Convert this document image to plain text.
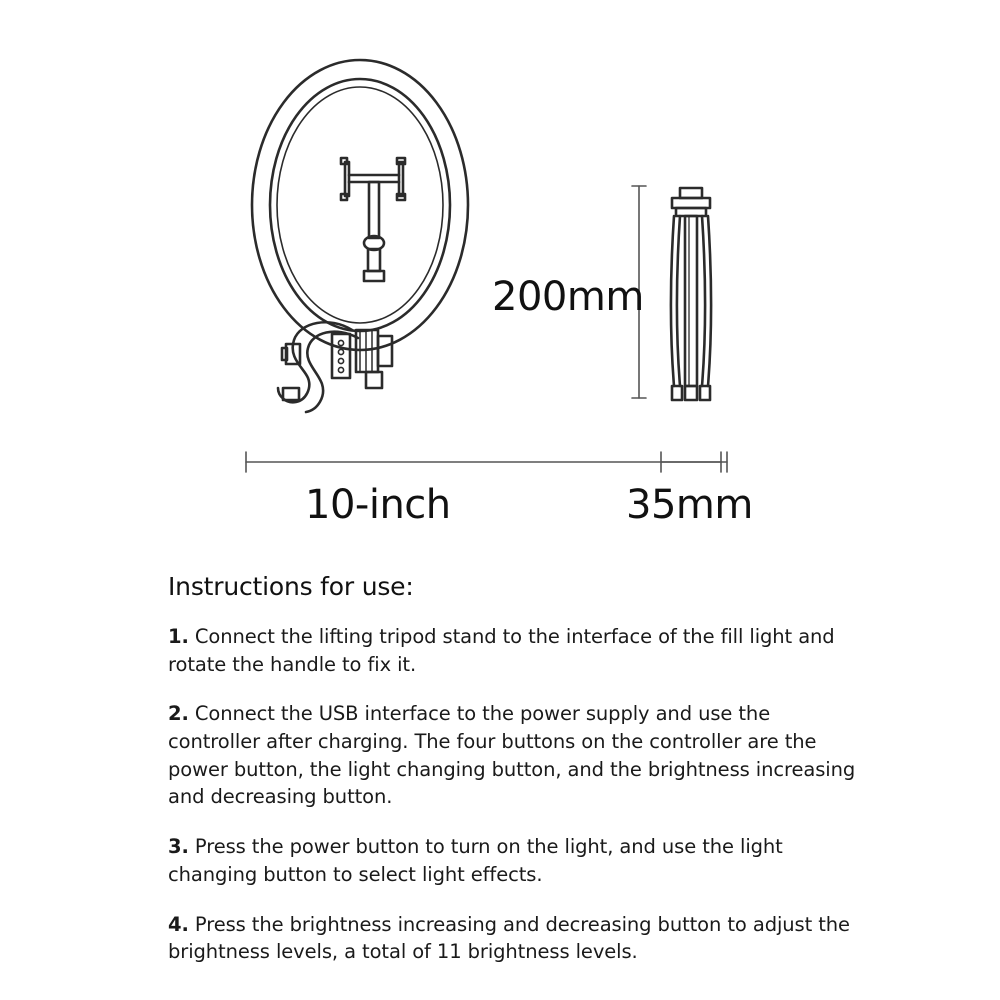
200mm
10-inch	35mm
Instructions for use:

1. Connect the lifting tripod stand to the interface of the fill light and rotate the handle to fix it.

2. Connect the USB interface to the power supply and use the controller after charging. The four buttons on the controller are the power button, the light changing button, and the brightness increasing and decreasing button.

3. Press the power button to turn on the light, and use the light changing button to select light effects.

4. Press the brightness increasing and decreasing button to adjust the brightness levels, a total of 11 brightness levels.
